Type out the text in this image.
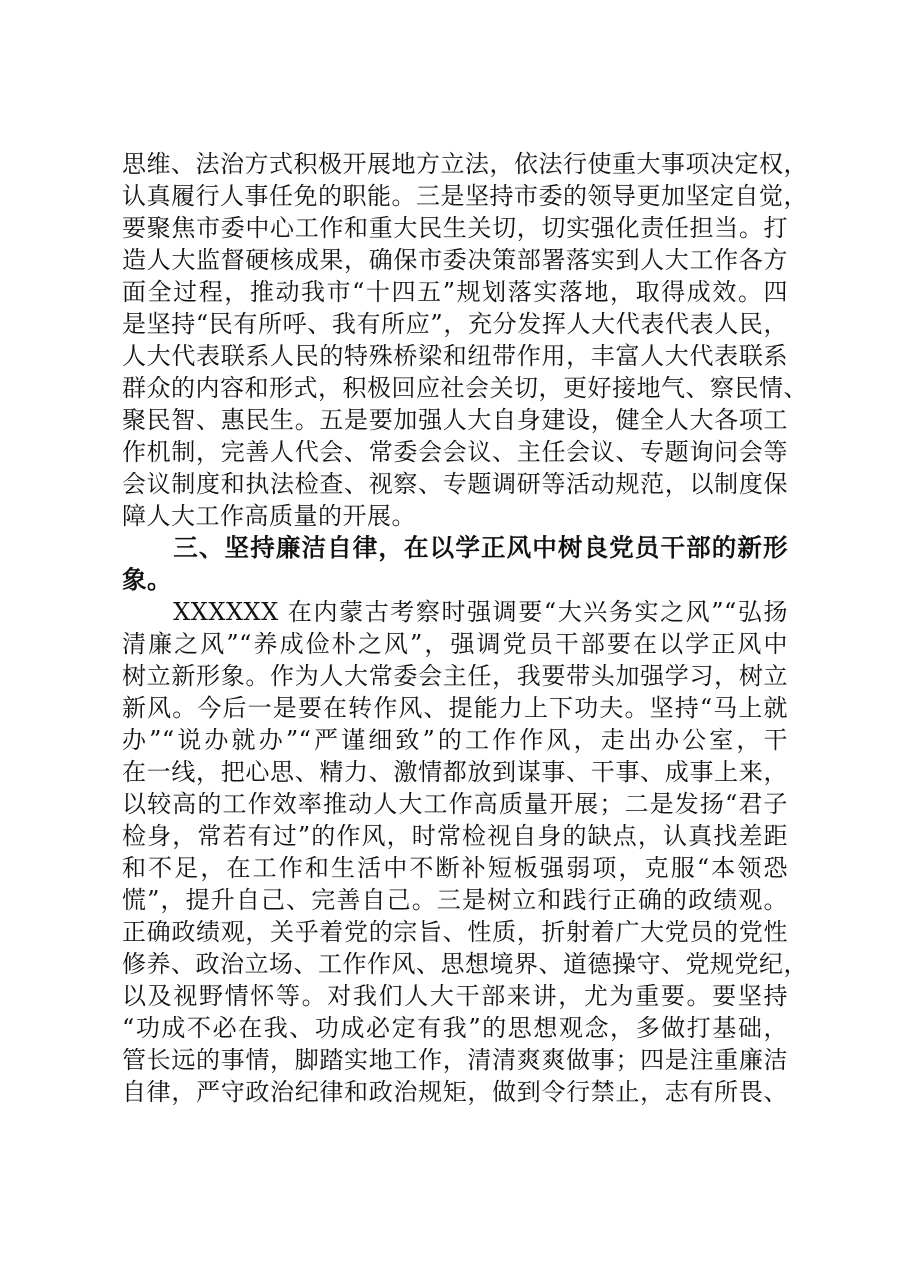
思维、法治方式积极开展地方立法，依法行使重大事项决定权，
认真履行人事任免的职能。三是坚持市委的领导更加坚定自觉，
要聚焦市委中心工作和重大民生关切，切实强化责任担当。打
造人大监督硬核成果，确保市委决策部署落实到人大工作各方
面全过程，推动我市“十四五”规划落实落地，取得成效。四
是坚持“民有所呼、我有所应”，充分发挥人大代表代表人民，
人大代表联系人民的特殊桥梁和纽带作用，丰富人大代表联系
群众的内容和形式，积极回应社会关切，更好接地气、察民情、
聚民智、惠民生。五是要加强人大自身建设，健全人大各项工
作机制，完善人代会、常委会会议、主任会议、专题询问会等
会议制度和执法检查、视察、专题调研等活动规范，以制度保
障人大工作高质量的开展。
　　三、坚持廉洁自律，在以学正风中树良党员干部的新形
象。
　　XXXXXX 在内蒙古考察时强调要“大兴务实之风”“弘扬
清廉之风”“养成俭朴之风”，强调党员干部要在以学正风中
树立新形象。作为人大常委会主任，我要带头加强学习，树立
新风。今后一是要在转作风、提能力上下功夫。坚持“马上就
办”“说办就办”“严谨细致”的工作作风，走出办公室，干
在一线，把心思、精力、激情都放到谋事、干事、成事上来，
以较高的工作效率推动人大工作高质量开展；二是发扬“君子
检身，常若有过”的作风，时常检视自身的缺点，认真找差距
和不足，在工作和生活中不断补短板强弱项，克服“本领恐
慌”，提升自己、完善自己。三是树立和践行正确的政绩观。
正确政绩观，关乎着党的宗旨、性质，折射着广大党员的党性
修养、政治立场、工作作风、思想境界、道德操守、党规党纪，
以及视野情怀等。对我们人大干部来讲，尤为重要。要坚持
“功成不必在我、功成必定有我”的思想观念，多做打基础，
管长远的事情，脚踏实地工作，清清爽爽做事；四是注重廉洁
自律，严守政治纪律和政治规矩，做到令行禁止，志有所畏、
